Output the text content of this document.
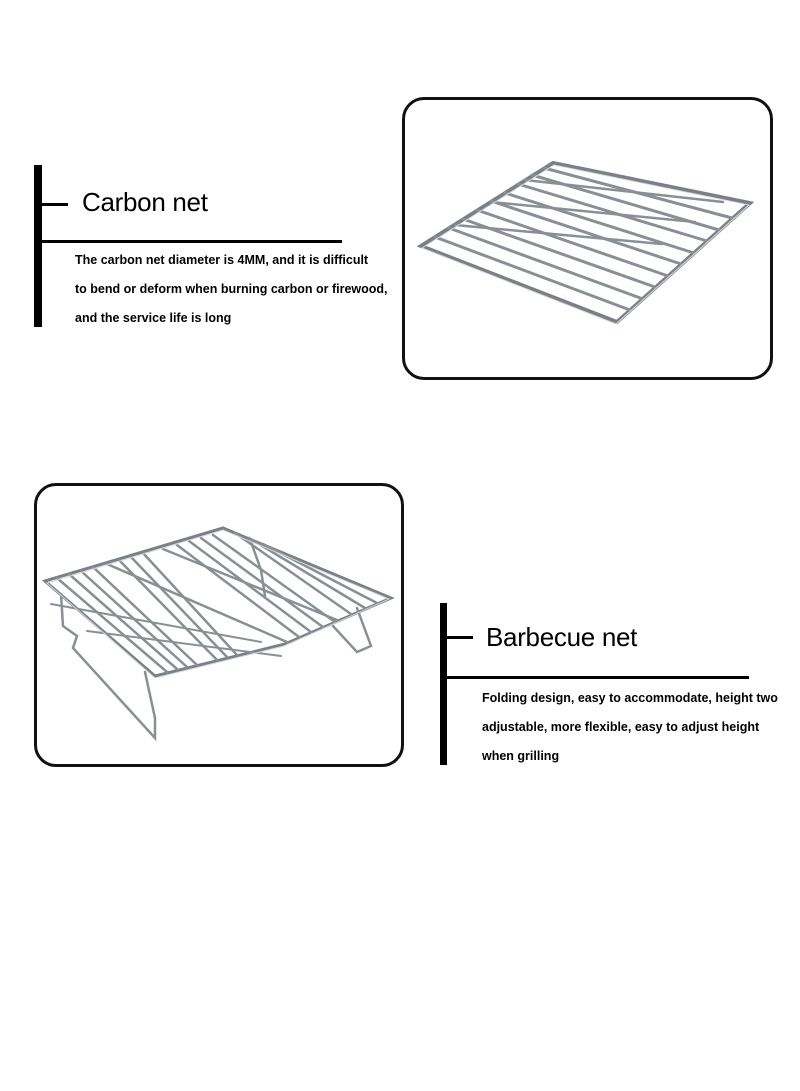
Carbon net

The carbon net diameter is 4MM, and it is difficult

to bend or deform when burning carbon or firewood,

and the service life is long

Barbecue net

Folding design, easy to accommodate, height two

adjustable, more flexible, easy to adjust height

when grilling
